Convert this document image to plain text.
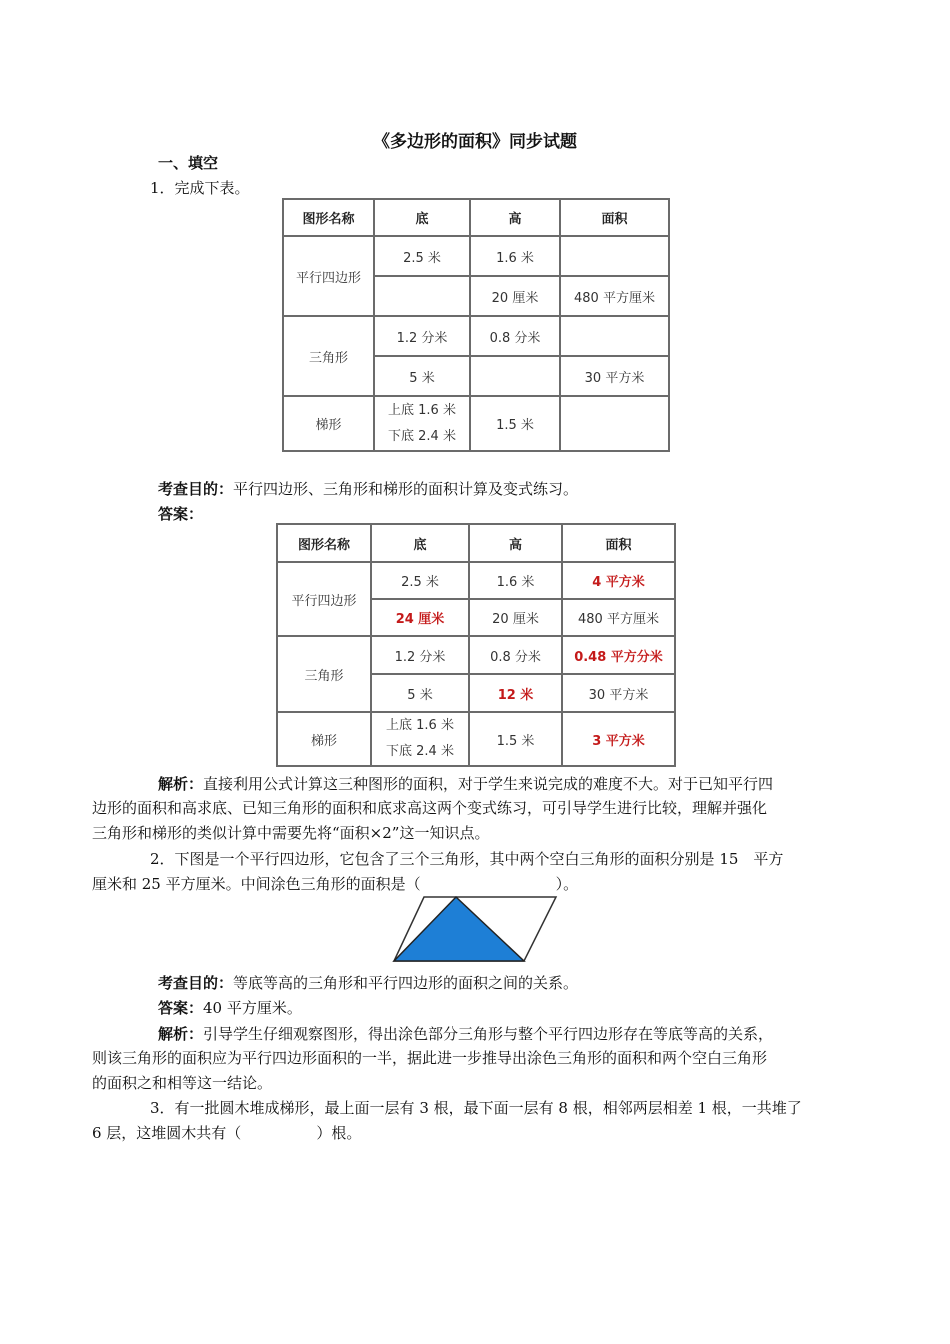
《多边形的面积》同步试题
一、填空
1．完成下表。
图形名称	底	高	面积
平行四边形	2.5 米	1.6 米	
		20 厘米	480 平方厘米
三角形	1.2 分米	0.8 分米	
	5 米		30 平方米
梯形	上底 1.6 米
下底 2.4 米	1.5 米	
考查目的：平行四边形、三角形和梯形的面积计算及变式练习。
答案：
图形名称	底	高	面积
平行四边形	2.5 米	1.6 米	4 平方米
	24 厘米	20 厘米	480 平方厘米
三角形	1.2 分米	0.8 分米	0.48 平方分米
	5 米	12 米	30 平方米
梯形	上底 1.6 米
下底 2.4 米	1.5 米	3 平方米
解析：直接利用公式计算这三种图形的面积，对于学生来说完成的难度不大。对于已知平行四
边形的面积和高求底、已知三角形的面积和底求高这两个变式练习，可引导学生进行比较，理解并强化
三角形和梯形的类似计算中需要先将“面积×2”这一知识点。
2．下图是一个平行四边形，它包含了三个三角形，其中两个空白三角形的面积分别是 15　平方
厘米和 25 平方厘米。中间涂色三角形的面积是（　　　　　　　　　）。
考查目的：等底等高的三角形和平行四边形的面积之间的关系。
答案：40 平方厘米。
解析：引导学生仔细观察图形，得出涂色部分三角形与整个平行四边形存在等底等高的关系，
则该三角形的面积应为平行四边形面积的一半，据此进一步推导出涂色三角形的面积和两个空白三角形
的面积之和相等这一结论。
3．有一批圆木堆成梯形，最上面一层有 3 根，最下面一层有 8 根，相邻两层相差 1 根，一共堆了
6 层，这堆圆木共有（　　　　　）根。
